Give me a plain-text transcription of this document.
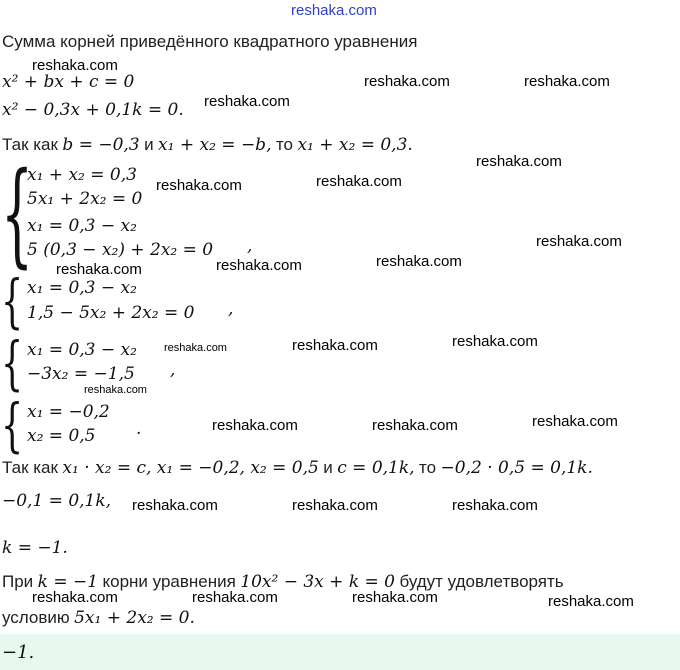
reshaka.com
Сумма корней приведённого квадратного уравнения
x² + bx + c = 0
x² − 0,3x + 0,1k = 0.
Так как b = −0,3 и x₁ + x₂ = −b, то x₁ + x₂ = 0,3.
{
x₁ + x₂ = 0,3
5x₁ + 2x₂ = 0
x₁ = 0,3 − x₂
5 (0,3 − x₂) + 2x₂ = 0 ,
{ x₁ = 0,3 − x₂
1,5 − 5x₂ + 2x₂ = 0 ,
{ x₁ = 0,3 − x₂
−3x₂ = −1,5 ,
{ x₁ = −0,2
x₂ = 0,5 .
Так как x₁ · x₂ = c, x₁ = −0,2, x₂ = 0,5 и c = 0,1k, то −0,2 · 0,5 = 0,1k.
−0,1 = 0,1k,
k = −1.
При k = −1 корни уравнения 10x² − 3x + k = 0 будут удовлетворять
условию 5x₁ + 2x₂ = 0.
−1.
reshaka.com
reshaka.com	reshaka.com
reshaka.com
reshaka.com
reshaka.com	reshaka.com
reshaka.com
reshaka.com	reshaka.com	reshaka.com
reshaka.com	reshaka.com	reshaka.com
reshaka.com
reshaka.com	reshaka.com	reshaka.com
reshaka.com	reshaka.com	reshaka.com
reshaka.com	reshaka.com	reshaka.com	reshaka.com
